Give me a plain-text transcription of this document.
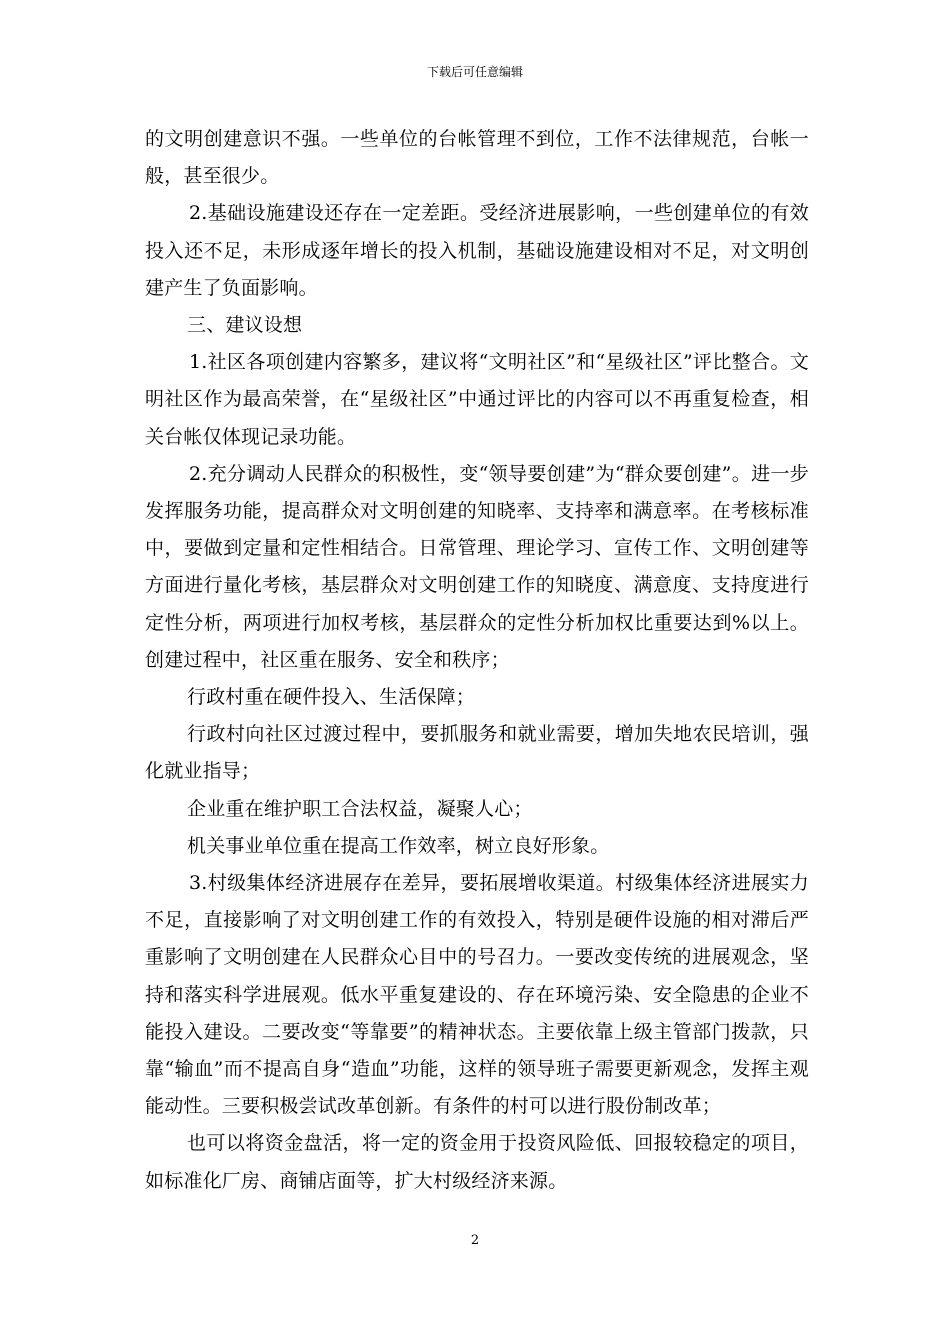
下载后可任意编辑

的文明创建意识不强。一些单位的台帐管理不到位，工作不法律规范，台帐一般，甚至很少。

2.基础设施建设还存在一定差距。受经济进展影响，一些创建单位的有效投入还不足，未形成逐年增长的投入机制，基础设施建设相对不足，对文明创建产生了负面影响。

三、建议设想

1.社区各项创建内容繁多，建议将“文明社区”和“星级社区”评比整合。文明社区作为最高荣誉，在“星级社区”中通过评比的内容可以不再重复检查，相关台帐仅体现记录功能。

2.充分调动人民群众的积极性，变“领导要创建”为“群众要创建”。进一步发挥服务功能，提高群众对文明创建的知晓率、支持率和满意率。在考核标准中，要做到定量和定性相结合。日常管理、理论学习、宣传工作、文明创建等方面进行量化考核，基层群众对文明创建工作的知晓度、满意度、支持度进行定性分析，两项进行加权考核，基层群众的定性分析加权比重要达到%以上。创建过程中，社区重在服务、安全和秩序；

行政村重在硬件投入、生活保障；

行政村向社区过渡过程中，要抓服务和就业需要，增加失地农民培训，强化就业指导；

企业重在维护职工合法权益，凝聚人心；

机关事业单位重在提高工作效率，树立良好形象。

3.村级集体经济进展存在差异，要拓展增收渠道。村级集体经济进展实力不足，直接影响了对文明创建工作的有效投入，特别是硬件设施的相对滞后严重影响了文明创建在人民群众心目中的号召力。一要改变传统的进展观念，坚持和落实科学进展观。低水平重复建设的、存在环境污染、安全隐患的企业不能投入建设。二要改变“等靠要”的精神状态。主要依靠上级主管部门拨款，只靠“输血”而不提高自身“造血”功能，这样的领导班子需要更新观念，发挥主观能动性。三要积极尝试改革创新。有条件的村可以进行股份制改革；

也可以将资金盘活，将一定的资金用于投资风险低、回报较稳定的项目，如标准化厂房、商铺店面等，扩大村级经济来源。

2
